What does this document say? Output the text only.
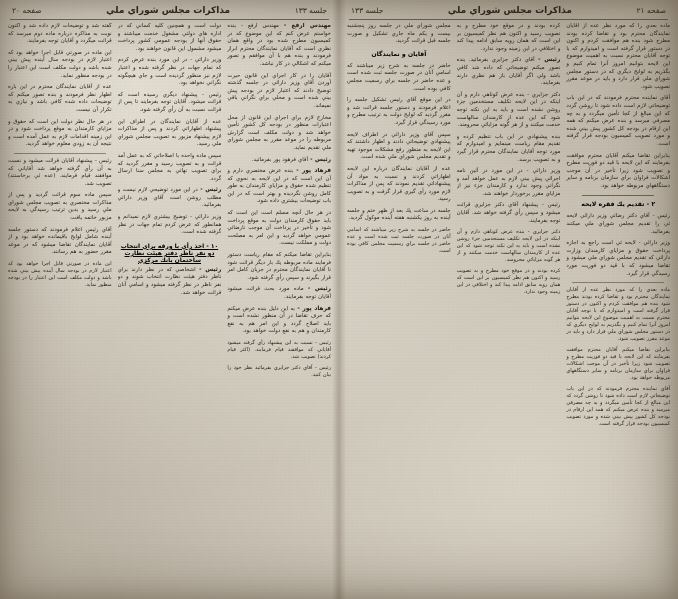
صفحه ۲۱
مذاكرات مجلس شوراي ملي
جلسه ۱۳۳

ماده بعدي را كه مورد نظر عده از آقايان نمايندگان محترم بود و تقاضا كرده بودند مطرح شود بنده هم موافقت كردم و اكنون در دستور قرار گرفته است و اميدوارم كه با توجه آقايان محترم نسبت به اهميت موضوع اين لايحه بتوانيم امروز آنرا تمام كنيم و بگذريم به لوايح ديگري كه در دستور مجلس شوراي ملي قرار دارد و بايد در موعد مقرر تصويب شود.

آقاي نماينده محترم فرمودند كه در اين باب توضيحاتي لازم است داده شود تا روشن گردد كه اين مبالغ از كجا تأمين ميگردد و به چه مصرفي ميرسد و بنده عرض ميكنم كه همه اين ارقام در بودجه كل كشور پيش بيني شده و مورد تصويب كميسيون بودجه قرار گرفته است.

بنابراين تقاضا ميكنم آقايان محترم موافقت بفرمايند كه اين لايحه با قيد دو فوريت مطرح و تصويب شود زيرا تأخير در آن موجب اشكالات فراوان براي سازمان برنامه و ساير دستگاههاي مربوطه خواهد بود.

۲ - تقديم يك فقره لايحه

رئيس - آقاي دكتر رضائي وزير دارائي لايحه ئي را تقديم مجلس شوراي ملي ميكنند بفرمائيد.

وزير دارائي - لايحه ئي است راجع به اجازه پرداخت حقوق و مزاياي كارمندان وزارت دارائي كه تقديم مجلس شوراي ملي ميشود و تقاضا ميشود كه با قيد دو فوريت مورد رسيدگي قرار گيرد.

ماده بعدي را كه مورد نظر عده از آقايان نمايندگان محترم بود و تقاضا كرده بودند مطرح شود بنده هم موافقت كردم و اكنون در دستور قرار گرفته است و اميدوارم كه با توجه آقايان محترم نسبت به اهميت موضوع اين لايحه بتوانيم امروز آنرا تمام كنيم و بگذريم به لوايح ديگري كه در دستور مجلس شوراي ملي قرار دارد و بايد در موعد مقرر تصويب شود.

بنابراين تقاضا ميكنم آقايان محترم موافقت بفرمايند كه اين لايحه با قيد دو فوريت مطرح و تصويب شود زيرا تأخير در آن موجب اشكالات فراوان براي سازمان برنامه و ساير دستگاههاي مربوطه خواهد بود.

آقاي نماينده محترم فرمودند كه در اين باب توضيحاتي لازم است داده شود تا روشن گردد كه اين مبالغ از كجا تأمين ميگردد و به چه مصرفي ميرسد و بنده عرض ميكنم كه همه اين ارقام در بودجه كل كشور پيش بيني شده و مورد تصويب كميسيون بودجه قرار گرفته است.

كرده بودند و در موقع خود مطرح و به تصويب رسيد و اكنون هم نظر كميسيون بر اين است كه همان رويه سابق ادامه پيدا كند و اختلافي در اين زمينه وجود ندارد.

رئيس - آقاي دكتر جزايري بفرمائيد. بنده تصور ميكنم توضيحاتي كه داده شد كافي باشد ولي اگر آقايان باز هم نظري دارند بفرمايند.

دكتر جزايري - بنده عرض كوتاهي دارم و آن اينكه در اين لايحه تكليف مستخدمين جزء روشن نشده است و بايد به اين نكته توجه شود كه اين عده از كارمندان سالهاست خدمت ميكنند و از هر گونه مزايائي محرومند.

بنده پيشنهادي در اين باب تنظيم كرده و تقديم مقام رياست مينمايم و اميدوارم كه مورد توجه آقايان نمايندگان محترم قرار گيرد و به تصويب برسد.

وزير دارائي - در اين مورد در آئين نامه اجرائي پيش بيني لازم به عمل خواهد آمد و نگراني وجود ندارد و كارمندان جزء نيز از مزاياي مقرر برخوردار خواهند شد.

رئيس - پيشنهاد آقاي دكتر جزايري قرائت ميشود و سپس رأي گرفته خواهد شد. آقايان توجه بفرمايند.

دكتر جزايري - بنده عرض كوتاهي دارم و آن اينكه در اين لايحه تكليف مستخدمين جزء روشن نشده است و بايد به اين نكته توجه شود كه اين عده از كارمندان سالهاست خدمت ميكنند و از هر گونه مزايائي محرومند.

كرده بودند و در موقع خود مطرح و به تصويب رسيد و اكنون هم نظر كميسيون بر اين است كه همان رويه سابق ادامه پيدا كند و اختلافي در اين زمينه وجود ندارد.

مجلس شوراي ملي در جلسه روز پنجشنبه بيست و يكم ماه جاري تشكيل و صورت جلسه قبل قرائت گرديد.

آقايان و نمايندگان

حاضر در جلسه به شرح زير ميباشند كه اسامي آنان در صورت جلسه ثبت شده است و عده حاضر در جلسه براي رسميت مجلس كافي بوده است.

در اين موقع آقاي رئيس تشكيل جلسه را اعلام فرمودند و دستور جلسه قرائت شد و مقرر گرديد كه لوايح دولت به ترتيب مطرح و مورد رسيدگي قرار گيرد.

سپس آقاي وزير دارائي در اطراف لايحه پيشنهادي توضيحاتي دادند و اظهار داشتند كه اين لايحه به منظور رفع مشكلات موجود تهيه و تقديم مجلس شوراي ملي شده است.

عده از آقايان نمايندگان درباره اين لايحه اظهاراتي كردند و نسبت به مواد آن پيشنهاداتي تقديم نمودند كه پس از مذاكرات لازم مورد رأي گيري قرار گرفت و به تصويب رسيد.

جلسه در ساعت يك بعد از ظهر ختم و جلسه آينده به روز يكشنبه هفته آينده موكول گرديد.

حاضر در جلسه به شرح زير ميباشند كه اسامي آنان در صورت جلسه ثبت شده است و عده حاضر در جلسه براي رسميت مجلس كافي بوده است.

جلسه ۱۳۳
مذاكرات مجلس شوراي ملي
صفحه ۲۰

مهندس ارفع - مهندس ارفع - بنده خواستم عرض كنم كه اين موضوع كه در كميسيون مطرح شده بود در واقع همان نظري است كه آقايان نمايندگان محترم ابراز فرمودند و بنده هم با آن موافقم و تصور ميكنم كه اشكالي در كار نباشد.

آقايان را در كار اجراي اين قانون حيرت آوردن آقاي وزير دارائي در جلسه گذشته توضيح دادند كه اعتبار لازم در بودجه پيش بيني شده است و محلي براي نگراني باقي نميماند.

مخارج لازم براي اجراي اين قانون از محل اعتبارات منظور در بودجه كل كشور تأمين خواهد شد و دولت مكلف است گزارش مربوطه را در موعد مقرر به مجلس شوراي ملي تقديم نمايد.

رئيس - آقاي فرهود پور بفرمائيد.

فرهاد پور - بنده عرض مختصري دارم و آن اين است كه در اين لايحه به نحوي كه تنظيم شده حقوق و مزاياي كارمندان به طور كامل روشن نگرديده و بهتر است كه در اين باب توضيحات بيشتري داده شود.

در هر حال آنچه مسلم است اين است كه بايد حقوق كارمندان دولت به موقع پرداخت شود و تأخير در پرداخت آن موجب نارضائي عمومي خواهد گرديد و اين امر به مصلحت دولت و مملكت نيست.

بنابراين تقاضا ميكنم كه مقام رياست دستور فرمايند ماده مربوطه يك بار ديگر قرائت شود تا آقايان نمايندگان محترم در جريان كامل امر قرار بگيرند و سپس رأي گرفته شود.

رئيس - ماده مورد بحث قرائت ميشود آقايان توجه بفرمايند.

فرهاد پور - به اين دليل بنده عرض ميكنم كه حرف تقاضا در آن منظور نشده است و بايد اصلاح گردد و اين امر هم به نفع كارمندان و هم به نفع دولت خواهد بود.

رئيس - نسبت به اين پيشنهاد رأي گرفته ميشود آقاياني كه موافقند قيام فرمايند. (اكثر قيام كردند) تصويب شد.

رئيس - آقاي دكتر جزايري بفرمائيد نظر خود را بيان كنيد.

دولت است و همچنين كليه كساني كه در اداره هاي دولتي مشغول خدمت ميباشند و حقوق آنها از بودجه عمومي كشور پرداخت ميشود مشمول اين قانون خواهند بود.

وزير دارائي - در اين مورد بنده عرض كردم كه تمام جهات در نظر گرفته شده و اعتبار لازم نيز منظور گرديده است و جاي هيچگونه نگراني نخواهد بود.

رئيس - پيشنهاد ديگري رسيده است كه قرائت ميشود. آقايان توجه بفرمايند تا پس از قرائت نسبت به آن رأي گرفته شود.

عده از آقايان نمايندگان در اطراف اين پيشنهاد اظهاراتي كردند و پس از مذاكرات لازم پيشنهاد مزبور به تصويب مجلس شوراي ملي رسيد.

سپس ماده واحده با اصلاحاتي كه به عمل آمد قرائت و به تصويب رسيد و مقرر گرديد كه براي تصويب نهائي به مجلس سنا ارسال گردد.

رئيس - در اين مورد توضيحي لازم نيست و مطلب روشن است آقاي وزير دارائي بفرمائيد.

وزير دارائي - توضيح بيشتري لازم نميدانم و همانطور كه عرض كردم تمام جهات در نظر گرفته شده است.

۱۰ - اخذ رأي با ورقه براي انتخاب دو نفر ناظر دفتر هيئت نظارت ساختمان بانك مركزي

رئيس - اشخاصي كه در نظر دارند براي ناظر دفتر هيئت نظارت انتخاب شوند و دو نفر ناظر در نظر گرفته ميشود و اسامي آنان قرائت خواهد شد.

گفته شد و توضيحات لازم داده شد و اكنون نوبت به مذاكره درباره ماده دوم ميرسد كه قرائت ميگردد و آقايان توجه بفرمايند.

اين ماده در صورتي قابل اجرا خواهد بود كه اعتبار لازم در بودجه سال آينده پيش بيني شده باشد و دولت مكلف است اين اعتبار را در بودجه منظور نمايد.

عده از آقايان نمايندگان محترم در اين باره اظهار نظر فرمودند و بنده تصور ميكنم كه توضيحات داده شده كافي باشد و نيازي به تكرار آن نيست.

در هر حال نظر دولت اين است كه حقوق و مزاياي كارمندان به موقع پرداخت شود و در اين زمينه اقدامات لازم به عمل آمده است و نتيجه آن به زودي معلوم خواهد گرديد.

رئيس - پيشنهاد آقايان قرائت ميشود و نسبت به آن رأي گرفته خواهد شد آقاياني كه موافقند قيام فرمايند. (عده ئي برخاستند) تصويب شد.

سپس ماده سوم قرائت گرديد و پس از مذاكرات مختصري به تصويب مجلس شوراي ملي رسيد و بدين ترتيب رسيدگي به لايحه مزبور خاتمه يافت.

آقاي رئيس اعلام فرمودند كه دستور جلسه آينده شامل لوايح باقيمانده خواهد بود و از آقايان نمايندگان تقاضا ميشود كه در موعد مقرر حضور به هم رسانند.

اين ماده در صورتي قابل اجرا خواهد بود كه اعتبار لازم در بودجه سال آينده پيش بيني شده باشد و دولت مكلف است اين اعتبار را در بودجه منظور نمايد.
